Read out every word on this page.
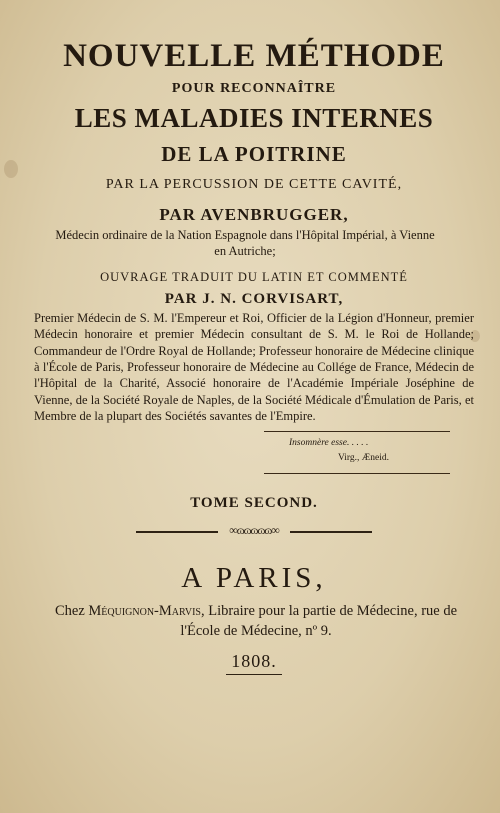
NOUVELLE MÉTHODE
POUR RECONNAÎTRE
LES MALADIES INTERNES
DE LA POITRINE
PAR LA PERCUSSION DE CETTE CAVITÉ,
PAR AVENBRUGGER,
Médecin ordinaire de la Nation Espagnole dans l'Hôpital Impérial, à Vienne en Autriche;
OUVRAGE TRADUIT DU LATIN ET COMMENTÉ
PAR J. N. CORVISART,
Premier Médecin de S. M. l'Empereur et Roi, Officier de la Légion d'Honneur, premier Médecin honoraire et premier Médecin consultant de S. M. le Roi de Hollande; Commandeur de l'Ordre Royal de Hollande; Professeur honoraire de Médecine clinique à l'École de Paris, Professeur honoraire de Médecine au Collége de France, Médecin de l'Hôpital de la Charité, Associé honoraire de l'Académie Impériale Joséphine de Vienne, de la Société Royale de Naples, de la Société Médicale d'Émulation de Paris, et Membre de la plupart des Sociétés savantes de l'Empire.
Insomnère esse. . . . .
Virg., Æneid.
TOME SECOND.
∞ɷɷɷɷɷ∞
A PARIS,
Chez Méquignon-Marvis, Libraire pour la partie de Médecine, rue de l'École de Médecine, nº 9.
1808.
